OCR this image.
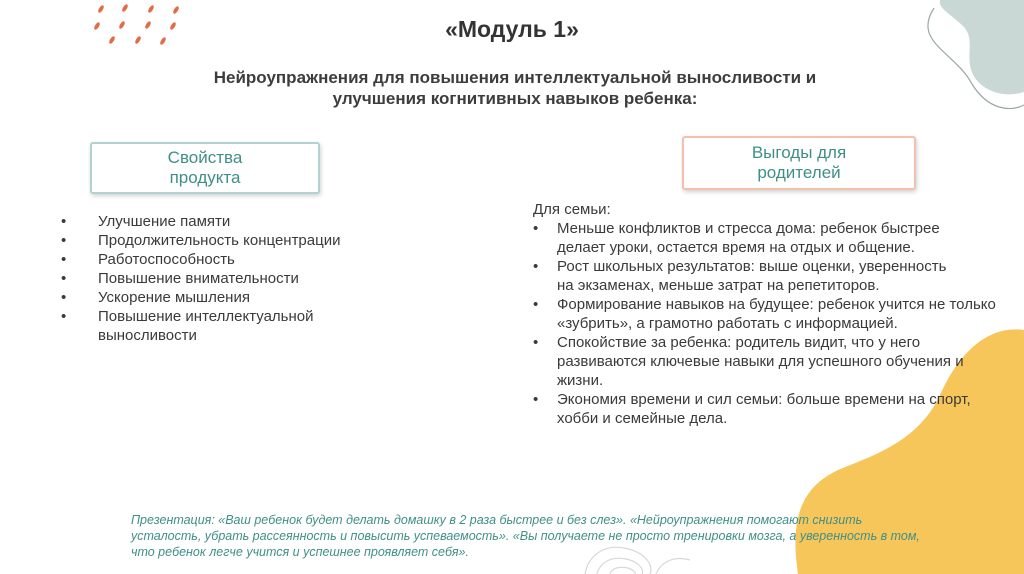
«Модуль 1»
Нейроупражнения для повышения интеллектуальной выносливости и улучшения когнитивных навыков ребенка:
Свойства продукта
Выгоды для родителей
• Улучшение памяти
• Продолжительность концентрации
• Работоспособность
• Повышение внимательности
• Ускорение мышления
• Повышение интеллектуальной выносливости
Для семьи:
• Меньше конфликтов и стресса дома: ребенок быстрее делает уроки, остается время на отдых и общение.
• Рост школьных результатов: выше оценки, уверенность на экзаменах, меньше затрат на репетиторов.
• Формирование навыков на будущее: ребенок учится не только «зубрить», а грамотно работать с информацией.
• Спокойствие за ребенка: родитель видит, что у него развиваются ключевые навыки для успешного обучения и жизни.
• Экономия времени и сил семьи: больше времени на спорт, хобби и семейные дела.
Презентация: «Ваш ребенок будет делать домашку в 2 раза быстрее и без слез». «Нейроупражнения помогают снизить усталость, убрать рассеянность и повысить успеваемость». «Вы получаете не просто тренировки мозга, а уверенность в том, что ребенок легче учится и успешнее проявляет себя».
